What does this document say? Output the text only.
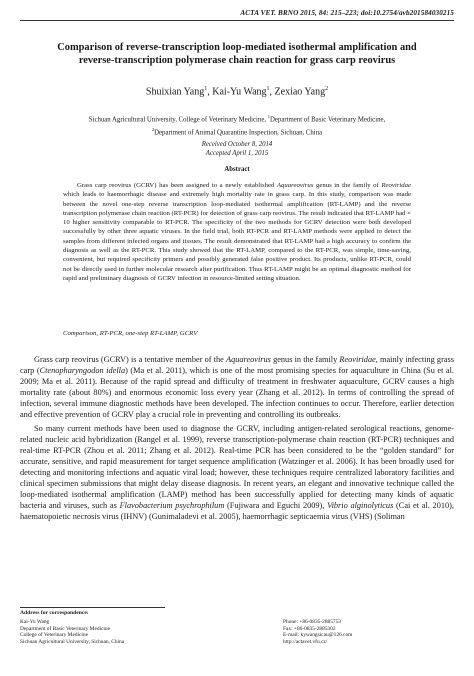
ACTA VET. BRNO 2015, 84: 215–223; doi:10.2754/avb201584030215
Comparison of reverse-transcription loop-mediated isothermal amplification and
reverse-transcription polymerase chain reaction for grass carp reovirus
Shuixian Yang$^1$, Kai-Yu Wang$^1$, Zexiao Yang$^2$
Sichuan Agricultural University, College of Veterinary Medicine, $^1$Department of Basic Veterinary Medicine,
$^2$Department of Animal Quarantine Inspection, Sichuan, China
Received October 8, 2014
Accepted April 1, 2015
Abstract
Grass carp reovirus (GCRV) has been assigned to a newly established Aquareovirus genus in the family of Reoviridae which leads to haemorrhagic disease and extremely high mortality rate in grass carp. In this study, comparison was made between the novel one-step reverse transcription loop-mediated isothermal amplification (RT-LAMP) and the reverse transcription polymerase chain reaction (RT-PCR) for detection of grass carp reovirus. The result indicated that RT-LAMP had × 10 higher sensitivity comparable to RT-PCR. The specificity of the two methods for GCRV detection were both developed successfully by other three aquatic viruses. In the field trial, both RT-PCR and RT-LAMP methods were applied to detect the samples from different infected organs and tissues. The result demonstrated that RT-LAMP had a high accuracy to confirm the diagnosis as well as the RT-PCR. This study showed that the RT-LAMP, compared to the RT-PCR, was simple, time-saving, convenient, but required specificity primers and possibly generated false positive product. Its products, unlike RT-PCR, could not be directly used in further molecular research after purification. Thus RT-LAMP might be an optimal diagnostic method for rapid and preliminary diagnosis of GCRV infection in resource-limited setting situation.
Comparison, RT-PCR, one-step RT-LAMP, GCRV

Grass carp reovirus (GCRV) is a tentative member of the Aquareovirus genus in the family Reoviridae, mainly infecting grass carp (Ctenopharyngodon idella) (Ma et al. 2011), which is one of the most promising species for aquaculture in China (Su et al. 2009; Ma et al. 2011). Because of the rapid spread and difficulty of treatment in freshwater aquaculture, GCRV causes a high mortality rate (about 80%) and enormous economic loss every year (Zhang et al. 2012). In terms of controlling the spread of infection, several immune diagnostic methods have been developed. The infection continues to occur. Therefore, earlier detection and effective prevention of GCRV play a crucial role in preventing and controlling its outbreaks.

So many current methods have been used to diagnose the GCRV, including antigen-related serological reactions, genome-related nucleic acid hybridization (Rangel et al. 1999), reverse transcription-polymerase chain reaction (RT-PCR) techniques and real-time RT-PCR (Zhou et al. 2011; Zhang et al. 2012). Real-time PCR has been considered to be the “golden standard” for accurate, sensitive, and rapid measurement for target sequence amplification (Watzinger et al. 2006). It has been broadly used for detecting and monitoring infections and aquatic viral load; however, these techniques require centralized laboratory facilities and clinical specimen submissions that might delay disease diagnosis. In recent years, an elegant and innovative technique called the loop-mediated isothermal amplification (LAMP) method has been successfully applied for detecting many kinds of aquatic bacteria and viruses, such as Flavobacterium psychrophilum (Fujiwara and Eguchi 2009), Vibrio alginolyticus (Cai et al. 2010), haematopoietic necrosis virus (IHNV) (Gunimaladevi et al. 2005), haemorrhagic septicaemia virus (VHS) (Soliman

Address for correspondence:
Kai-Yu Wang
Department of Basic Veterinary Medicine
College of Veterinary Medicine
Sichuan Agricultural University, Sichuan, China
Phone: +86-0835-2885753
Fax: +86-0835-2885302
E-mail: kywangsicau@126.com
http://actavet.vfu.cz/
